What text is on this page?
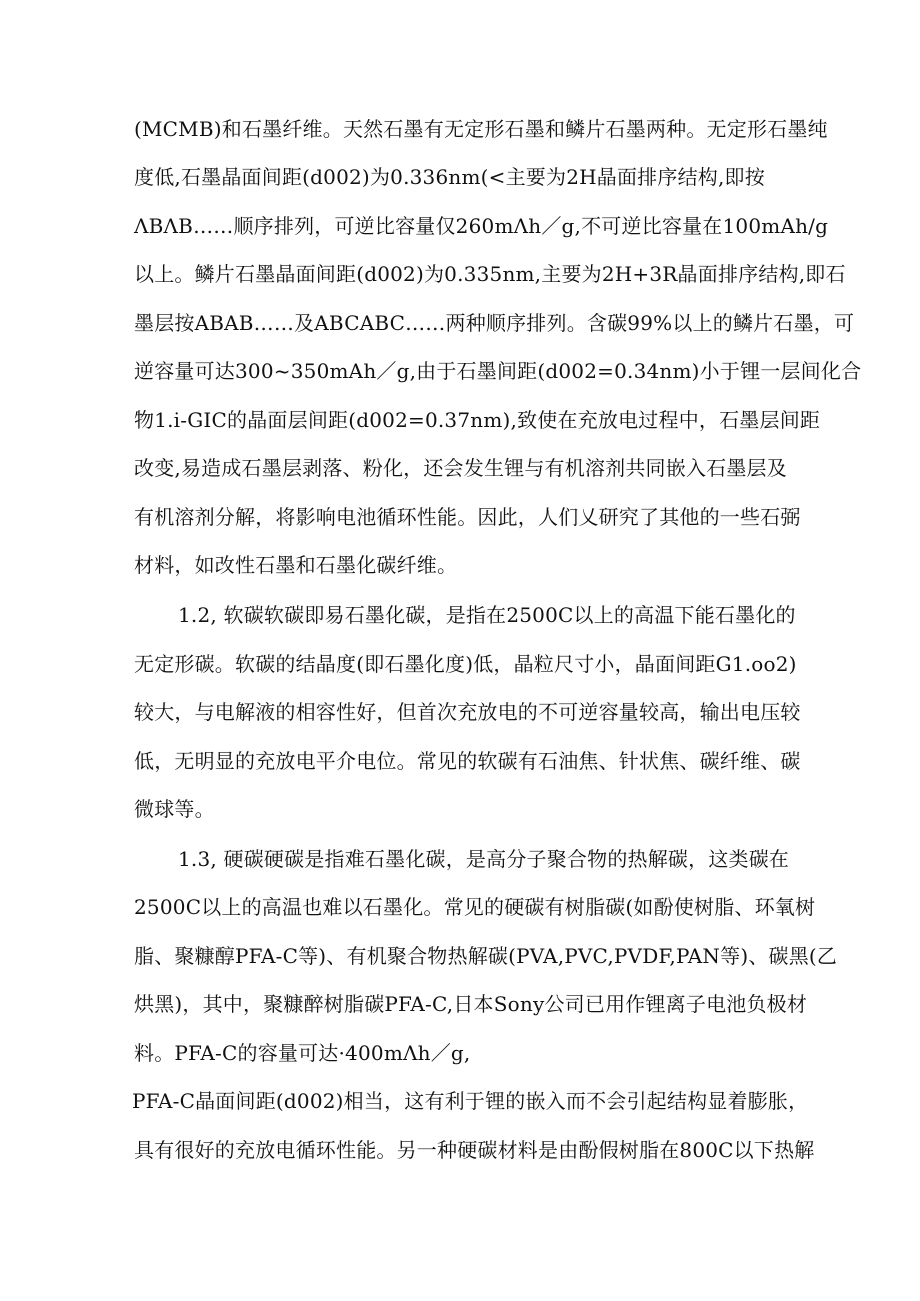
(MCMB)和石墨纤维。天然石墨有无定形石墨和鳞片石墨两种。无定形石墨纯

度低,石墨晶面间距(d002)为0.336nm(<主要为2H晶面排序结构,即按

ΛBΛB……顺序排列，可逆比容量仅260mΛh／g,不可逆比容量在100mAh/g

以上。鳞片石墨晶面间距(d002)为0.335nm,主要为2H+3R晶面排序结构,即石

墨层按ABAB……及ABCABC……两种顺序排列。含碳99%以上的鳞片石墨，可

逆容量可达300~350mAh／g,由于石墨间距(d002=0.34nm)小于锂一层间化合

物1.i-GIC的晶面层间距(d002=0.37nm),致使在充放电过程中，石墨层间距

改变,易造成石墨层剥落、粉化，还会发生锂与有机溶剂共同嵌入石墨层及

有机溶剂分解，将影响电池循环性能。因此，人们乂研究了其他的一些石弼

材料，如改性石墨和石墨化碳纤维。

1.2, 软碳软碳即易石墨化碳，是指在2500C以上的高温下能石墨化的

无定形碳。软碳的结晶度(即石墨化度)低，晶粒尺寸小，晶面间距G1.oo2)

较大，与电解液的相容性好，但首次充放电的不可逆容量较高，输出电压较

低，无明显的充放电平介电位。常见的软碳有石油焦、针状焦、碳纤维、碳

微球等。

1.3, 硬碳硬碳是指难石墨化碳，是高分子聚合物的热解碳，这类碳在

2500C以上的高温也难以石墨化。常见的硬碳有树脂碳(如酚使树脂、环氧树

脂、聚糠醇PFA-C等)、有机聚合物热解碳(PVA,PVC,PVDF,PAN等)、碳黑(乙

烘黑)，其中，聚糠醉树脂碳PFA-C,日本Sony公司已用作锂离子电池负极材

料。PFA-C的容量可达·400mΛh／g,

PFA-C晶面间距(d002)相当，这有利于锂的嵌入而不会引起结构显着膨胀，

具有很好的充放电循环性能。另一种硬碳材料是由酚假树脂在800C以下热解
